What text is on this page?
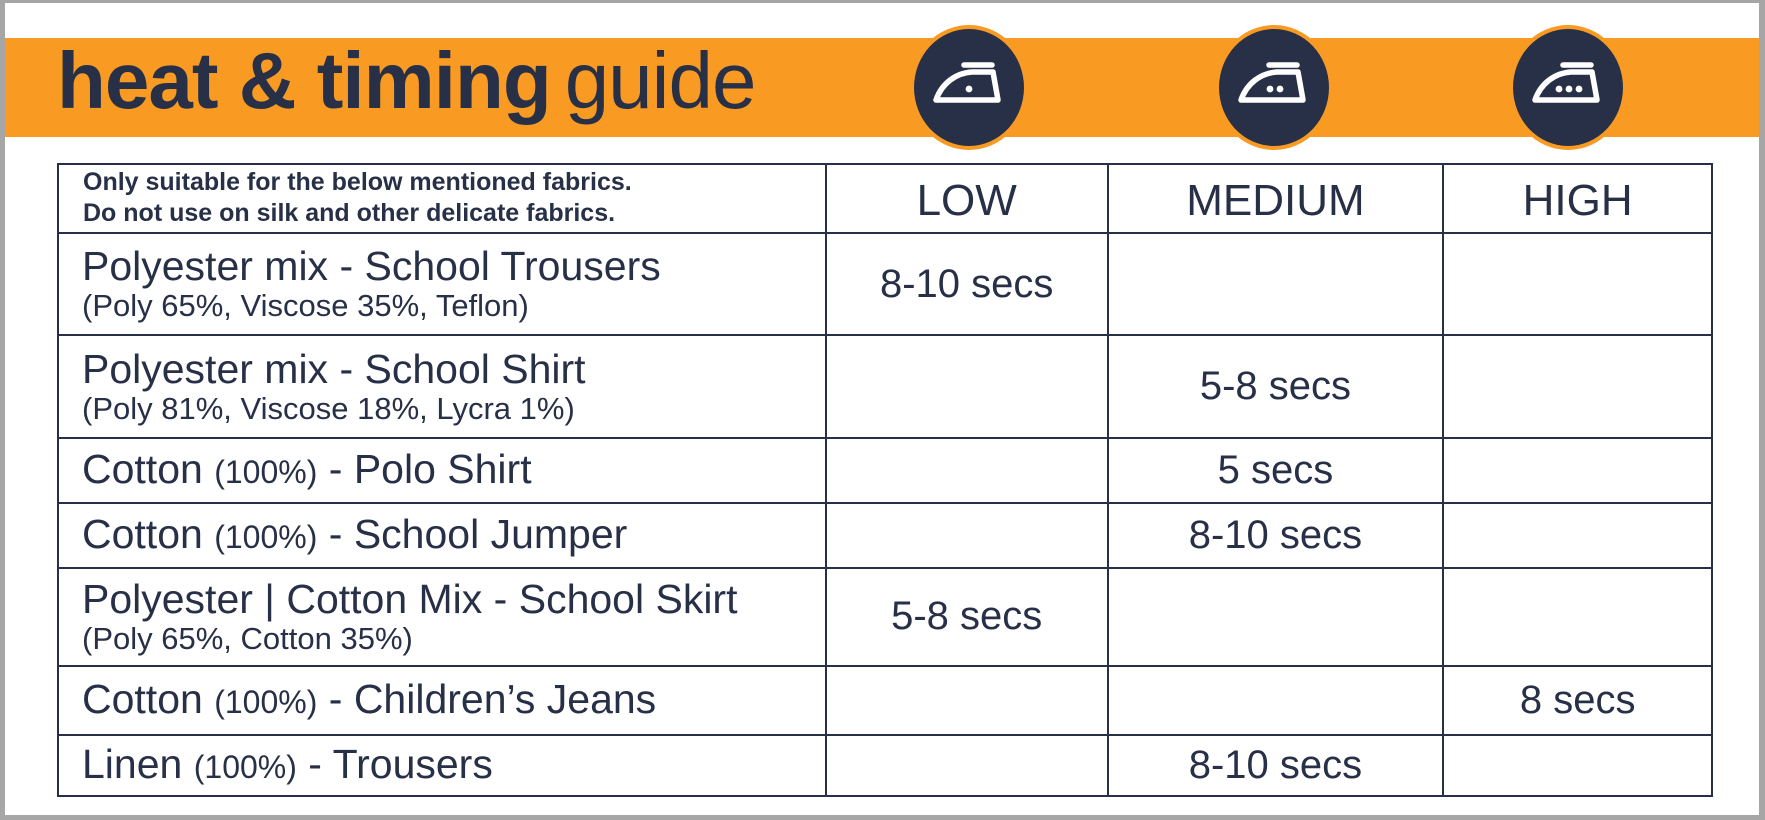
heat & timing guide
Only suitable for the below mentioned fabrics.
Do not use on silk and other delicate fabrics.	LOW	MEDIUM	HIGH

Polyester mix - School Trousers
(Poly 65%, Viscose 35%, Teflon)	8-10 secs		

Polyester mix - School Shirt
(Poly 81%, Viscose 18%, Lycra 1%)		5-8 secs	

Cotton (100%) - Polo Shirt		5 secs	

Cotton (100%) - School Jumper		8-10 secs	

Polyester | Cotton Mix - School Skirt
(Poly 65%, Cotton 35%)	5-8 secs		

Cotton (100%) - Children’s Jeans			8 secs

Linen (100%) - Trousers		8-10 secs	
